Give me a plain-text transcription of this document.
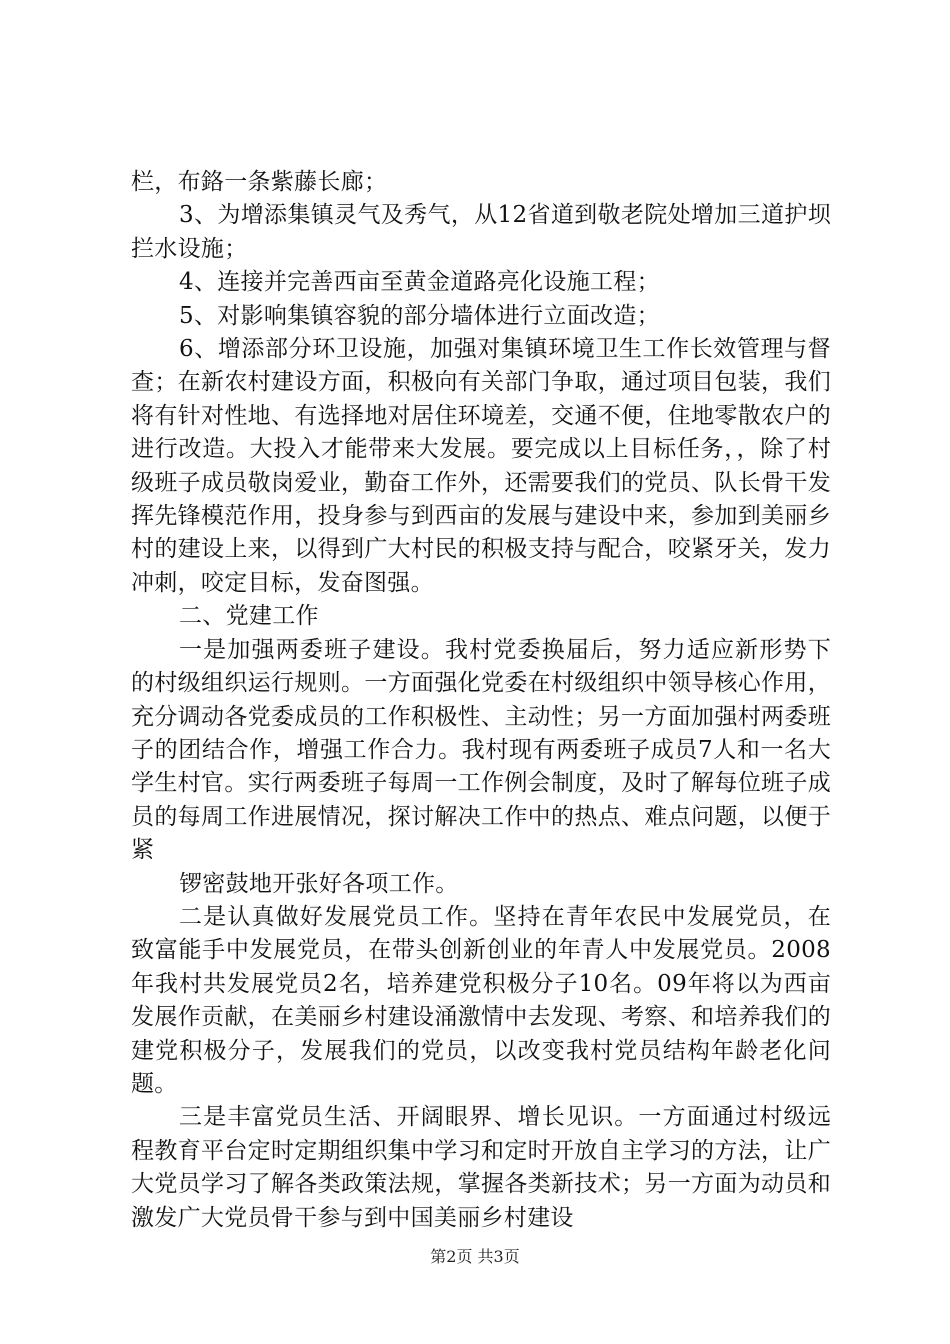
栏，布鉻一条紫藤长廊；

3、为增添集镇灵气及秀气，从12省道到敬老院处增加三道护坝拦水设施；

4、连接并完善西亩至黄金道路亮化设施工程；

5、对影响集镇容貌的部分墙体进行立面改造；

6、增添部分环卫设施，加强对集镇环境卫生工作长效管理与督查；在新农村建设方面，积极向有关部门争取，通过项目包装，我们将有针对性地、有选择地对居住环境差，交通不便，住地零散农户的进行改造。大投入才能带来大发展。要完成以上目标任务，，除了村级班子成员敬岗爱业，勤奋工作外，还需要我们的党员、队长骨干发挥先锋模范作用，投身参与到西亩的发展与建设中来，参加到美丽乡村的建设上来，以得到广大村民的积极支持与配合，咬紧牙关，发力冲刺，咬定目标，发奋图强。

二、党建工作

一是加强两委班子建设。我村党委换届后，努力适应新形势下的村级组织运行规则。一方面强化党委在村级组织中领导核心作用，充分调动各党委成员的工作积极性、主动性；另一方面加强村两委班子的团结合作，增强工作合力。我村现有两委班子成员7人和一名大学生村官。实行两委班子每周一工作例会制度，及时了解每位班子成员的每周工作进展情况，探讨解决工作中的热点、难点问题，以便于紧

锣密鼓地开张好各项工作。

二是认真做好发展党员工作。坚持在青年农民中发展党员，在致富能手中发展党员，在带头创新创业的年青人中发展党员。2008年我村共发展党员2名，培养建党积极分子10名。09年将以为西亩发展作贡献，在美丽乡村建设涌激情中去发现、考察、和培养我们的建党积极分子，发展我们的党员，以改变我村党员结构年龄老化问题。

三是丰富党员生活、开阔眼界、增长见识。一方面通过村级远程教育平台定时定期组织集中学习和定时开放自主学习的方法，让广大党员学习了解各类政策法规，掌握各类新技术；另一方面为动员和激发广大党员骨干参与到中国美丽乡村建设

第2页 共3页
